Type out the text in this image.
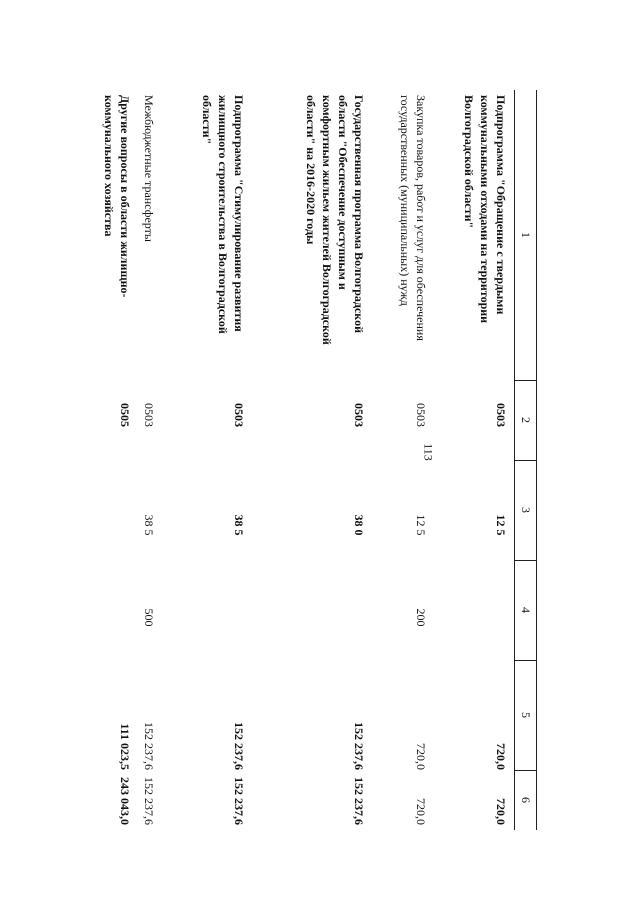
113
1
2
3
4
5
6
Подпрограмма "Обращение с твердыми коммунальными отходами на территории Волгоградской области"
0503
12 5
720,0
720,0
Закупка товаров, работ и услуг для обеспечения государственных (муниципальных) нужд
0503
12 5
200
720,0
720,0
Государственная программа Волгоградской области "Обеспечение доступным и комфортным жильем жителей Волгоградской области" на 2016-2020 годы
0503
38 0
152 237,6
152 237,6
Подпрограмма "Стимулирование развития жилищного строительства в Волгоградской области"
0503
38 5
152 237,6
152 237,6
Межбюджетные трансферты
0503
38 5
500
152 237,6
152 237,6
Другие вопросы в области жилищно-коммунального хозяйства
0505
111 023,5
243 043,0
